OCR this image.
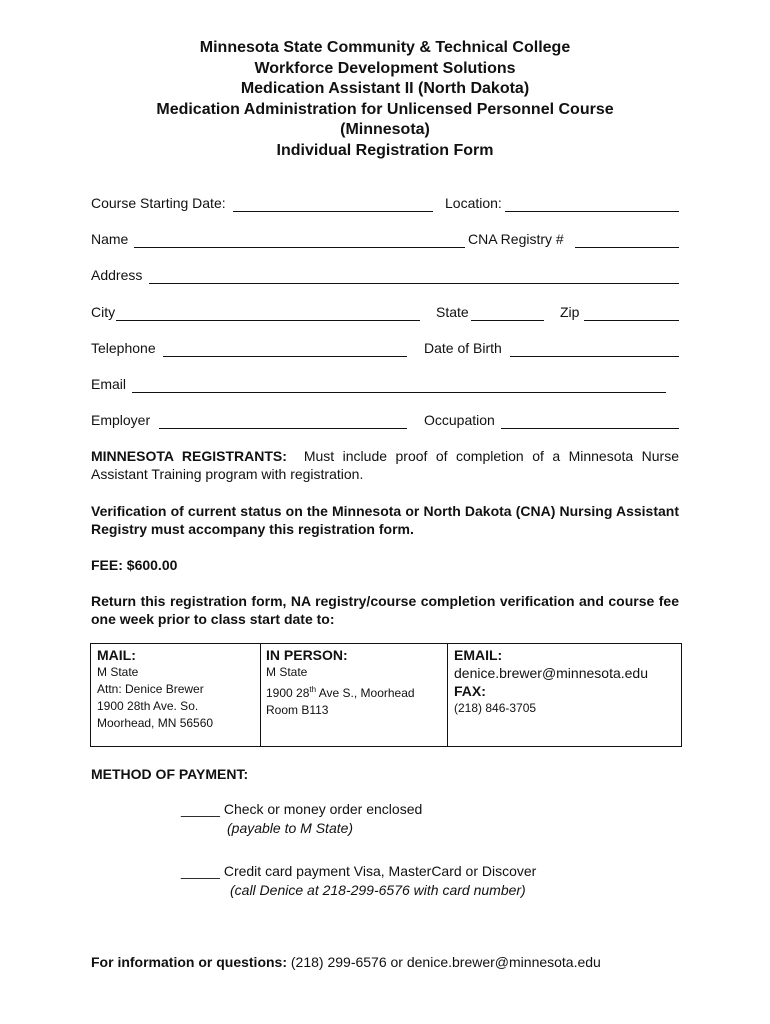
Minnesota State Community & Technical College
Workforce Development Solutions
Medication Assistant II (North Dakota)
Medication Administration for Unlicensed Personnel Course
(Minnesota)
Individual Registration Form
Course Starting Date:	Location:
Name	CNA Registry #
Address
City	State	Zip
Telephone	Date of Birth
Email
Employer	Occupation
MINNESOTA REGISTRANTS: Must include proof of completion of a Minnesota Nurse Assistant Training program with registration.
Verification of current status on the Minnesota or North Dakota (CNA) Nursing Assistant Registry must accompany this registration form.
FEE: $600.00
Return this registration form, NA registry/course completion verification and course fee one week prior to class start date to:
MAIL:
M State
Attn: Denice Brewer
1900 28th Ave. So.
Moorhead, MN 56560
IN PERSON:
M State
1900 28th Ave S., Moorhead
Room B113
EMAIL:
denice.brewer@minnesota.edu
FAX:
(218) 846-3705
METHOD OF PAYMENT:
_____ Check or money order enclosed
(payable to M State)
_____ Credit card payment Visa, MasterCard or Discover
(call Denice at 218-299-6576 with card number)
For information or questions: (218) 299-6576 or denice.brewer@minnesota.edu
